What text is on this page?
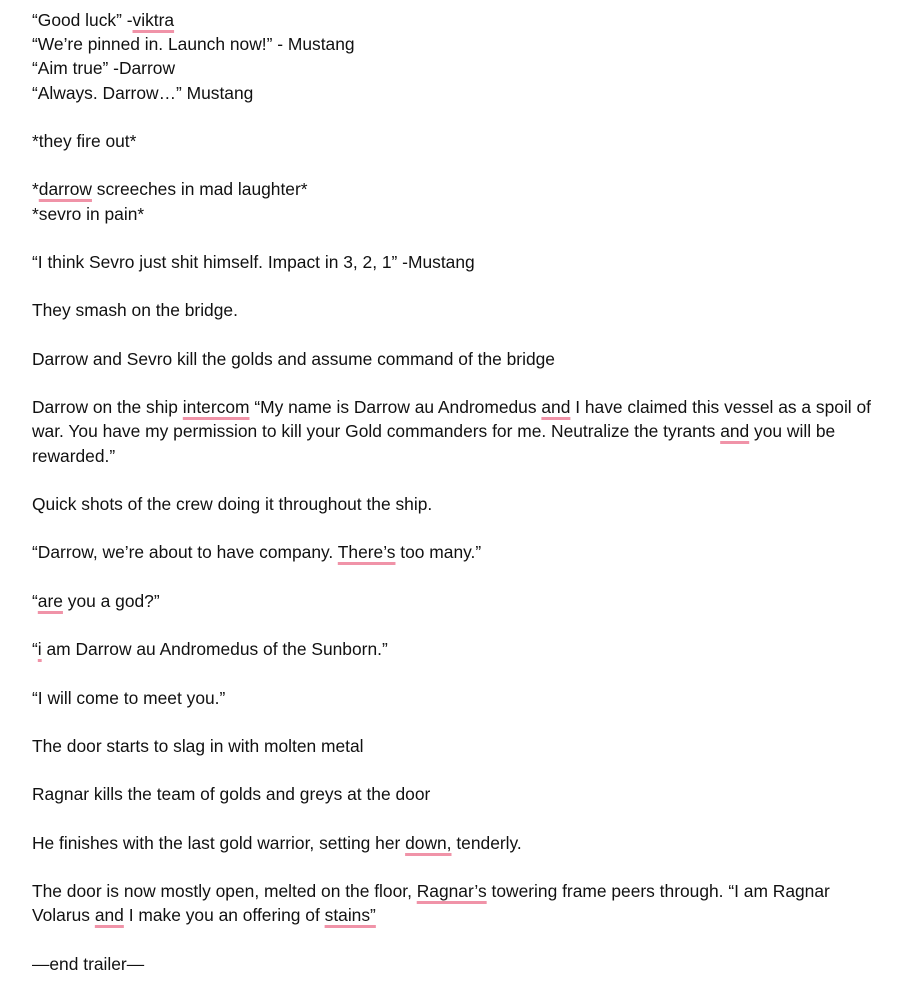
“Good luck” -viktra
“We’re pinned in. Launch now!” - Mustang
“Aim true” -Darrow
“Always. Darrow…” Mustang
*they fire out*
*darrow screeches in mad laughter*
*sevro in pain*
“I think Sevro just shit himself. Impact in 3, 2, 1” -Mustang
They smash on the bridge.
Darrow and Sevro kill the golds and assume command of the bridge
Darrow on the ship intercom “My name is Darrow au Andromedus and I have claimed this vessel as a spoil of war. You have my permission to kill your Gold commanders for me. Neutralize the tyrants and you will be rewarded.”
Quick shots of the crew doing it throughout the ship.
“Darrow, we’re about to have company. There’s too many.”
“are you a god?”
“i am Darrow au Andromedus of the Sunborn.”
“I will come to meet you.”
The door starts to slag in with molten metal
Ragnar kills the team of golds and greys at the door
He finishes with the last gold warrior, setting her down, tenderly.
The door is now mostly open, melted on the floor, Ragnar’s towering frame peers through. “I am Ragnar Volarus and I make you an offering of stains”
—end trailer—
